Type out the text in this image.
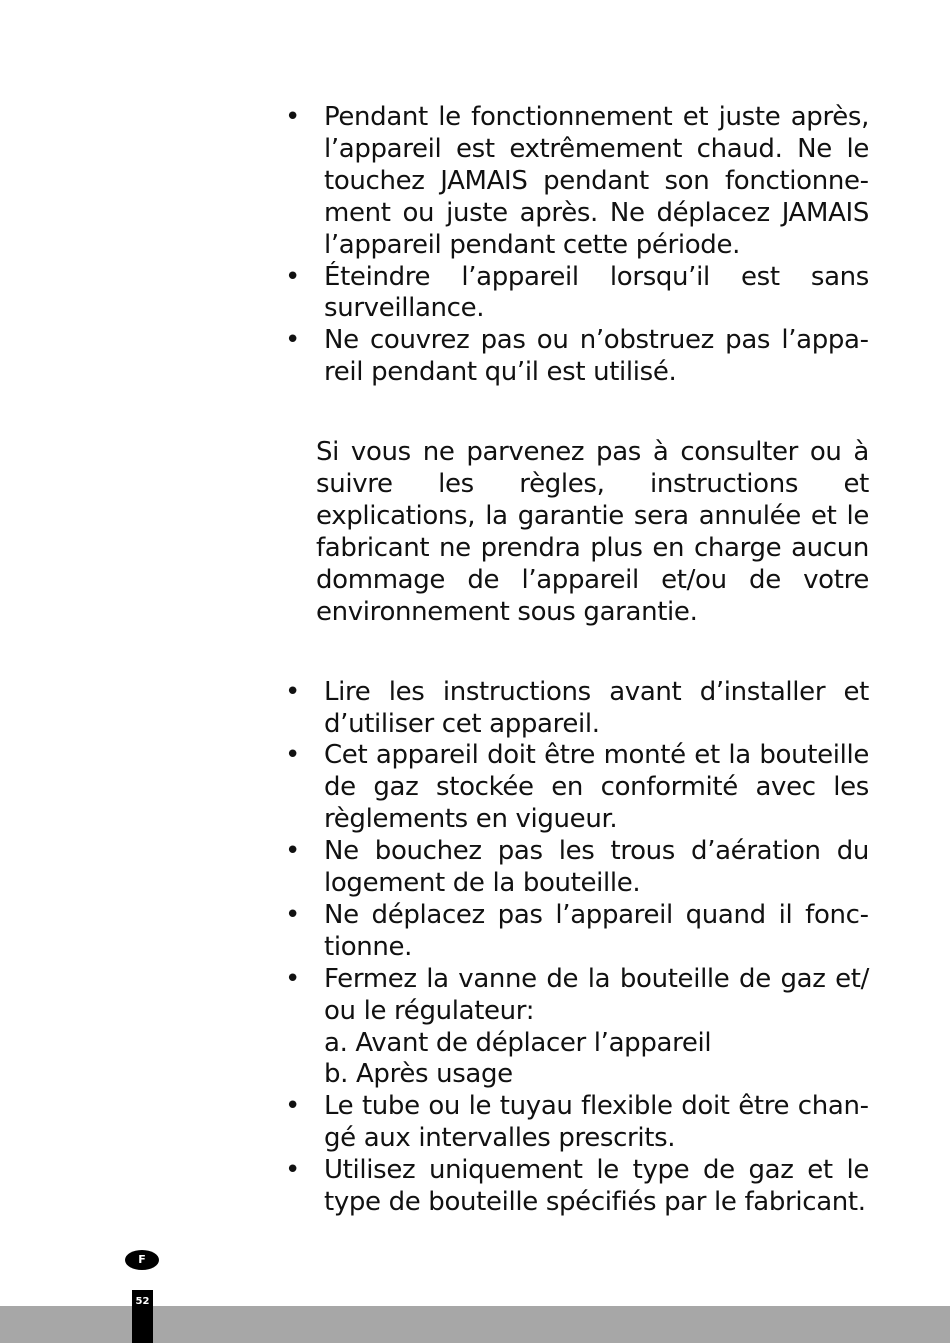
• Pendant le fonctionnement et juste après, l’appareil est extrêmement chaud. Ne le touchez JAMAIS pendant son fonctionnement ou juste après. Ne déplacez JAMAIS l’appareil pendant cette période.
• Éteindre l’appareil lorsqu’il est sans surveillance.
• Ne couvrez pas ou n’obstruez pas l’appareil pendant qu’il est utilisé.
Si vous ne parvenez pas à consulter ou à suivre les règles, instructions et explications, la garantie sera annulée et le fabricant ne prendra plus en charge aucun dommage de l’appareil et/ou de votre environnement sous garantie.
• Lire les instructions avant d’installer et d’utiliser cet appareil.
• Cet appareil doit être monté et la bouteille de gaz stockée en conformité avec les règlements en vigueur.
• Ne bouchez pas les trous d’aération du logement de la bouteille.
• Ne déplacez pas l’appareil quand il fonctionne.
• Fermez la vanne de la bouteille de gaz et/ ou le régulateur:
a. Avant de déplacer l’appareil
b. Après usage
• Le tube ou le tuyau flexible doit être changé aux intervalles prescrits.
• Utilisez uniquement le type de gaz et le type de bouteille spécifiés par le fabricant.
F
52
